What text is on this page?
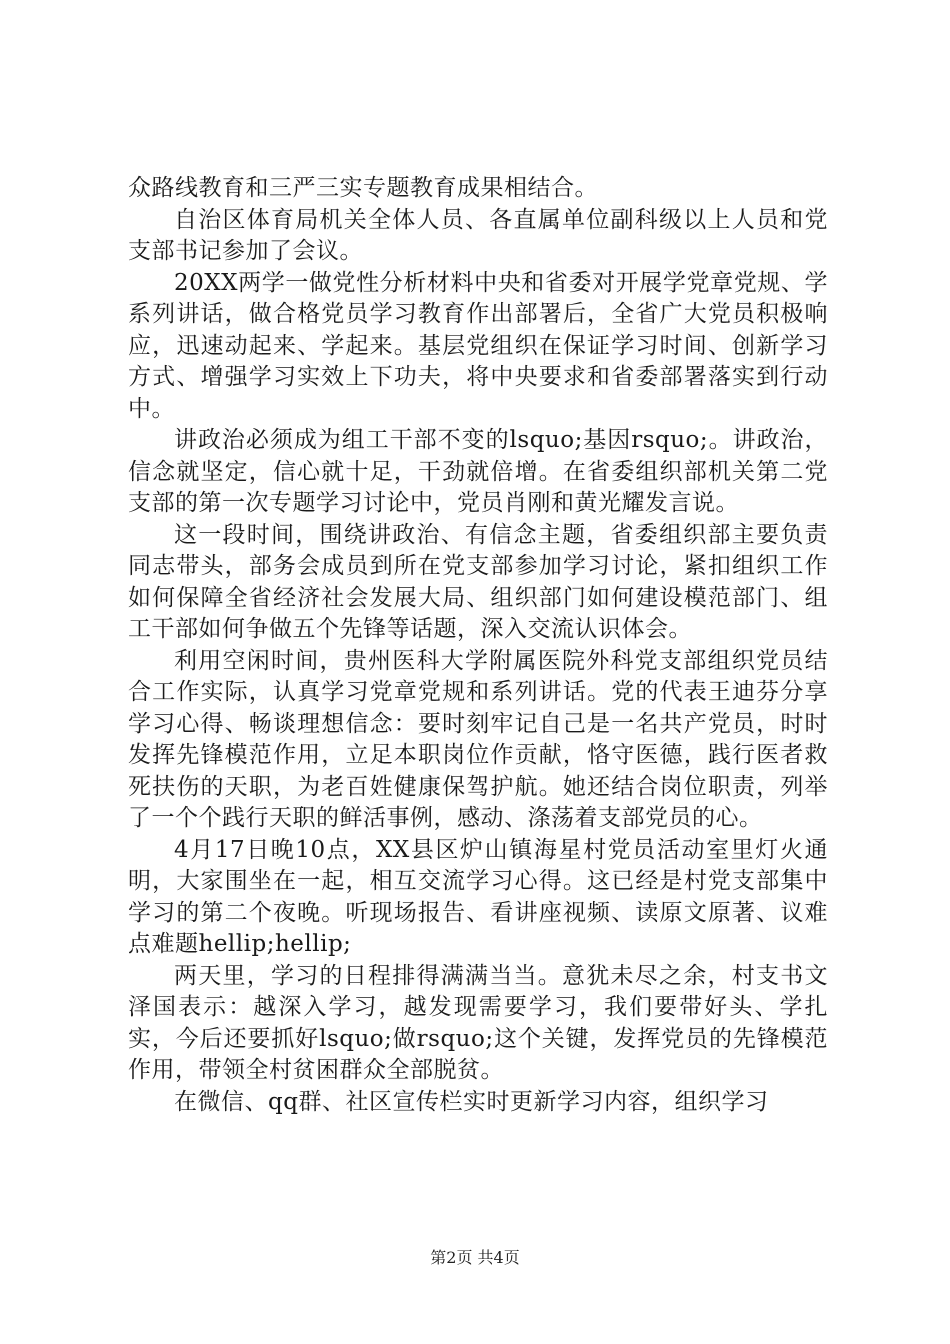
众路线教育和三严三实专题教育成果相结合。

自治区体育局机关全体人员、各直属单位副科级以上人员和党支部书记参加了会议。

20XX两学一做党性分析材料中央和省委对开展学党章党规、学系列讲话，做合格党员学习教育作出部署后，全省广大党员积极响应，迅速动起来、学起来。基层党组织在保证学习时间、创新学习方式、增强学习实效上下功夫，将中央要求和省委部署落实到行动中。

讲政治必须成为组工干部不变的lsquo;基因rsquo;。讲政治，信念就坚定，信心就十足，干劲就倍增。在省委组织部机关第二党支部的第一次专题学习讨论中，党员肖刚和黄光耀发言说。

这一段时间，围绕讲政治、有信念主题，省委组织部主要负责同志带头，部务会成员到所在党支部参加学习讨论，紧扣组织工作如何保障全省经济社会发展大局、组织部门如何建设模范部门、组工干部如何争做五个先锋等话题，深入交流认识体会。

利用空闲时间，贵州医科大学附属医院外科党支部组织党员结合工作实际，认真学习党章党规和系列讲话。党的代表王迪芬分享学习心得、畅谈理想信念：要时刻牢记自己是一名共产党员，时时发挥先锋模范作用，立足本职岗位作贡献，恪守医德，践行医者救死扶伤的天职，为老百姓健康保驾护航。她还结合岗位职责，列举了一个个践行天职的鲜活事例，感动、涤荡着支部党员的心。

4月17日晚10点，XX县区炉山镇海星村党员活动室里灯火通明，大家围坐在一起，相互交流学习心得。这已经是村党支部集中学习的第二个夜晚。听现场报告、看讲座视频、读原文原著、议难点难题hellip;hellip;

两天里，学习的日程排得满满当当。意犹未尽之余，村支书文泽国表示：越深入学习，越发现需要学习，我们要带好头、学扎实，今后还要抓好lsquo;做rsquo;这个关键，发挥党员的先锋模范作用，带领全村贫困群众全部脱贫。

在微信、qq群、社区宣传栏实时更新学习内容，组织学习

第2页 共4页
